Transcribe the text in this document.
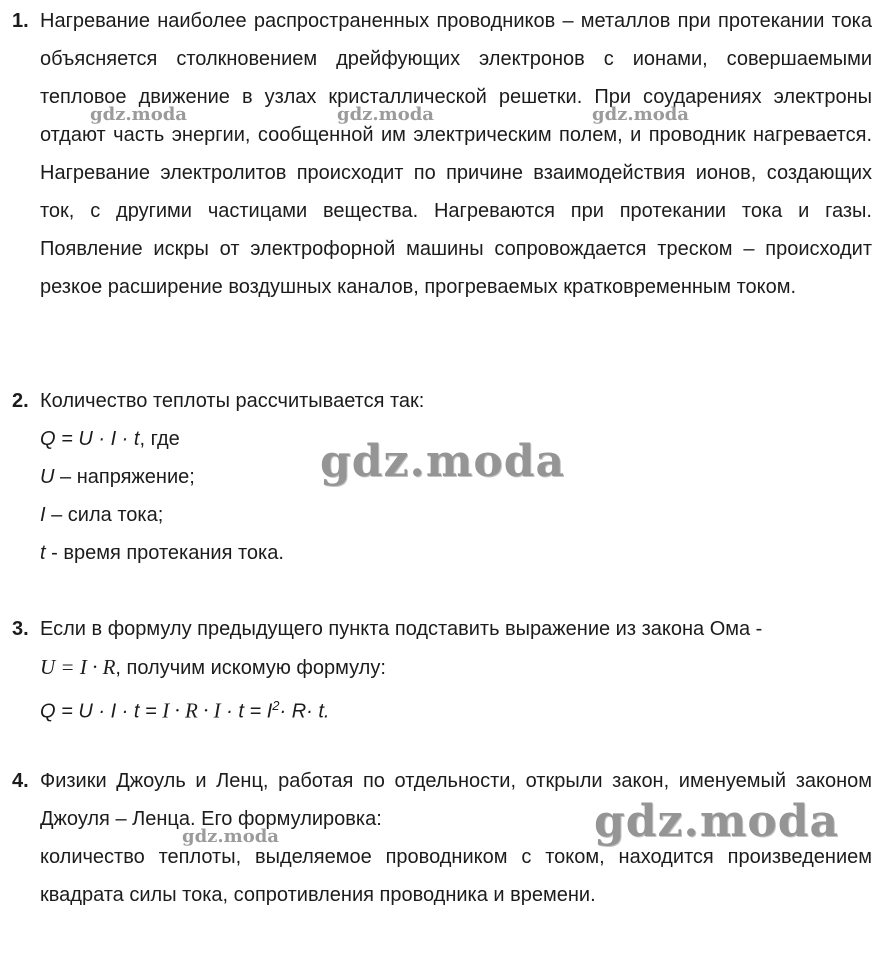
1. Нагревание наиболее распространенных проводников – металлов при протекании тока объясняется столкновением дрейфующих электронов с ионами, совершаемыми тепловое движение в узлах кристаллической решетки. При соударениях электроны отдают часть энергии, сообщенной им электрическим полем, и проводник нагревается. Нагревание электролитов происходит по причине взаимодействия ионов, создающих ток, с другими частицами вещества. Нагреваются при протекании тока и газы. Появление искры от электрофорной машины сопровождается треском – происходит резкое расширение воздушных каналов, прогреваемых кратковременным током.
2. Количество теплоты рассчитывается так:
Q = U · I · t, где
U – напряжение;
I – сила тока;
t - время протекания тока.
3. Если в формулу предыдущего пункта подставить выражение из закона Ома -
U = I · R, получим искомую формулу:
$Q = U \cdot I \cdot t = I \cdot R \cdot I \cdot t = I^2\cdot R\cdot t$.
4. Физики Джоуль и Ленц, работая по отдельности, открыли закон, именуемый законом Джоуля – Ленца. Его формулировка:
количество теплоты, выделяемое проводником с током, находится произведением квадрата силы тока, сопротивления проводника и времени.
gdz.moda	gdz.moda	gdz.moda
gdz.moda
gdz.moda
gdz.moda
